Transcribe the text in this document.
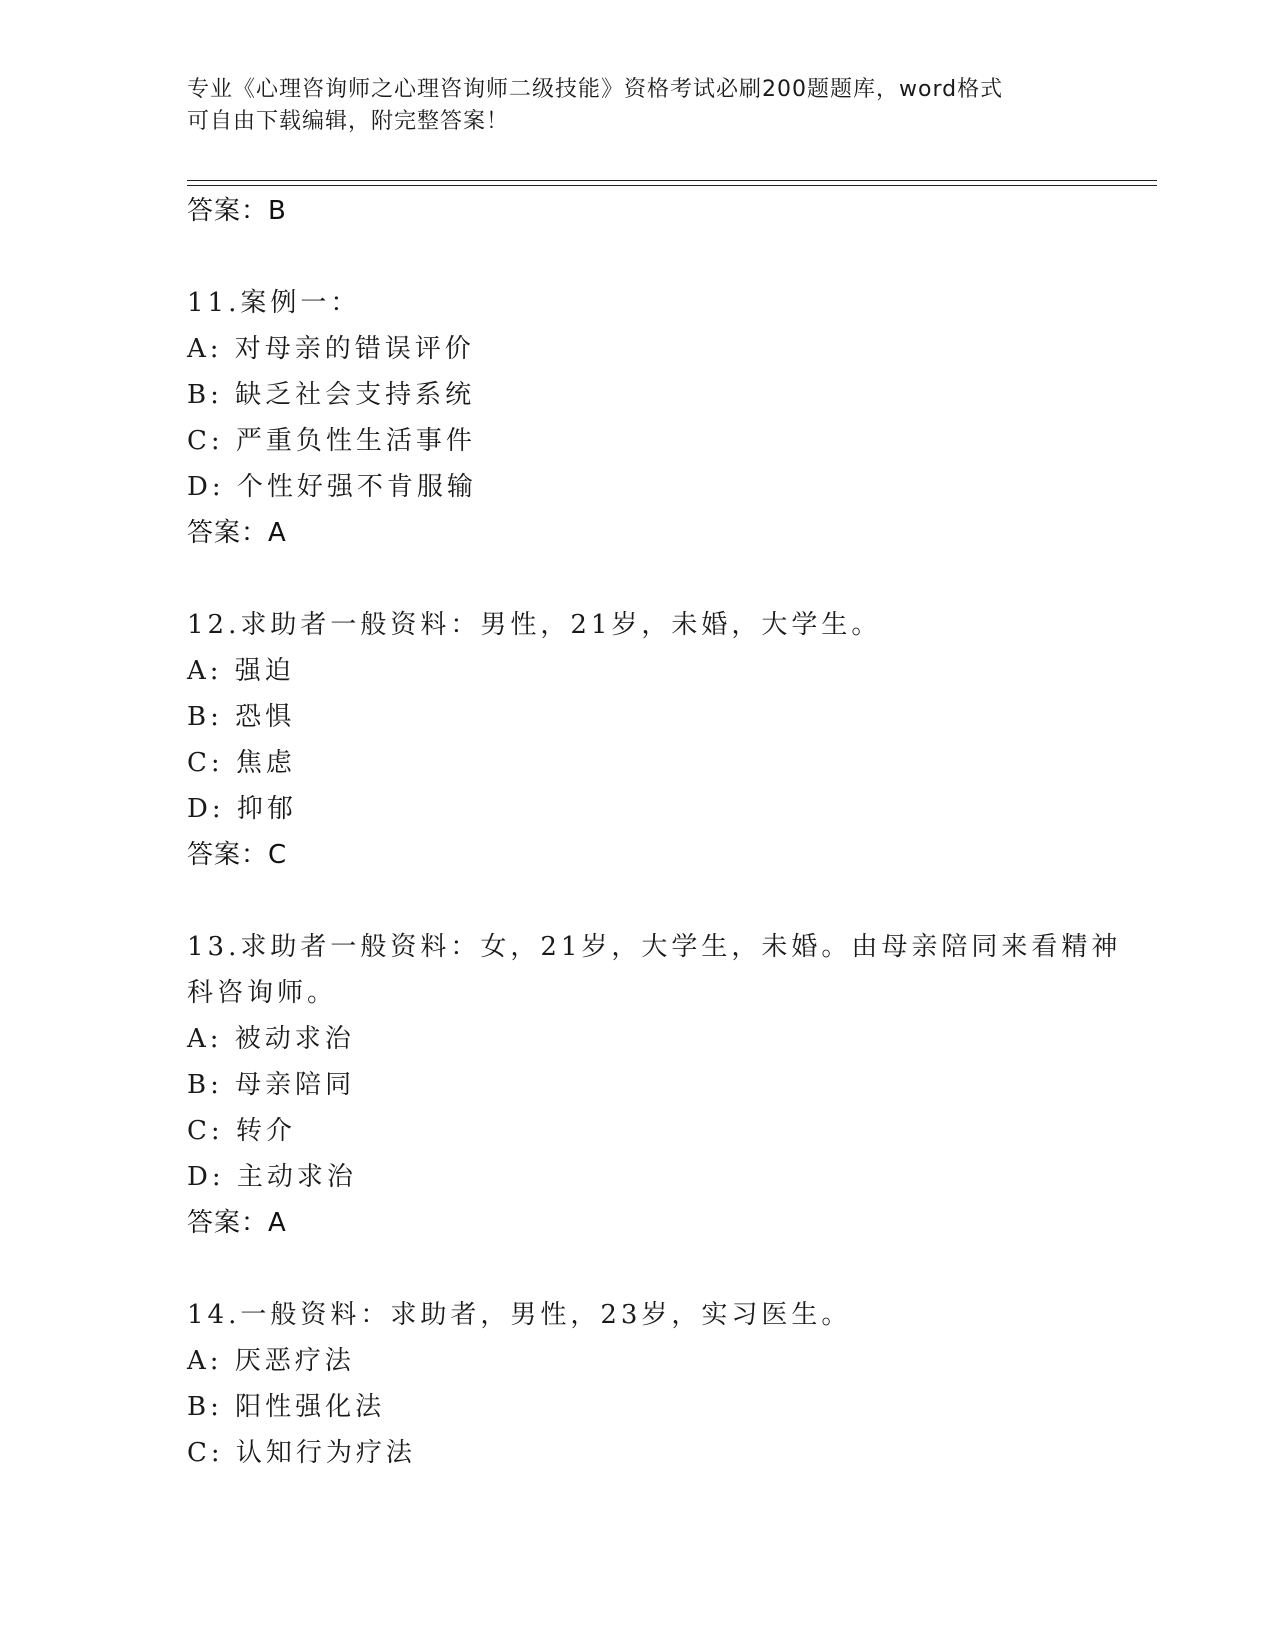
专业《心理咨询师之心理咨询师二级技能》资格考试必刷200题题库，word格式
可自由下载编辑，附完整答案！
答案：B
11.案例一：
A: 对母亲的错误评价
B: 缺乏社会支持系统
C: 严重负性生活事件
D: 个性好强不肯服输
答案：A
12.求助者一般资料：男性，21岁，未婚，大学生。
A: 强迫
B: 恐惧
C: 焦虑
D: 抑郁
答案：C
13.求助者一般资料：女，21岁，大学生，未婚。由母亲陪同来看精神
科咨询师。
A: 被动求治
B: 母亲陪同
C: 转介
D: 主动求治
答案：A
14.一般资料：求助者，男性，23岁，实习医生。
A: 厌恶疗法
B: 阳性强化法
C: 认知行为疗法
